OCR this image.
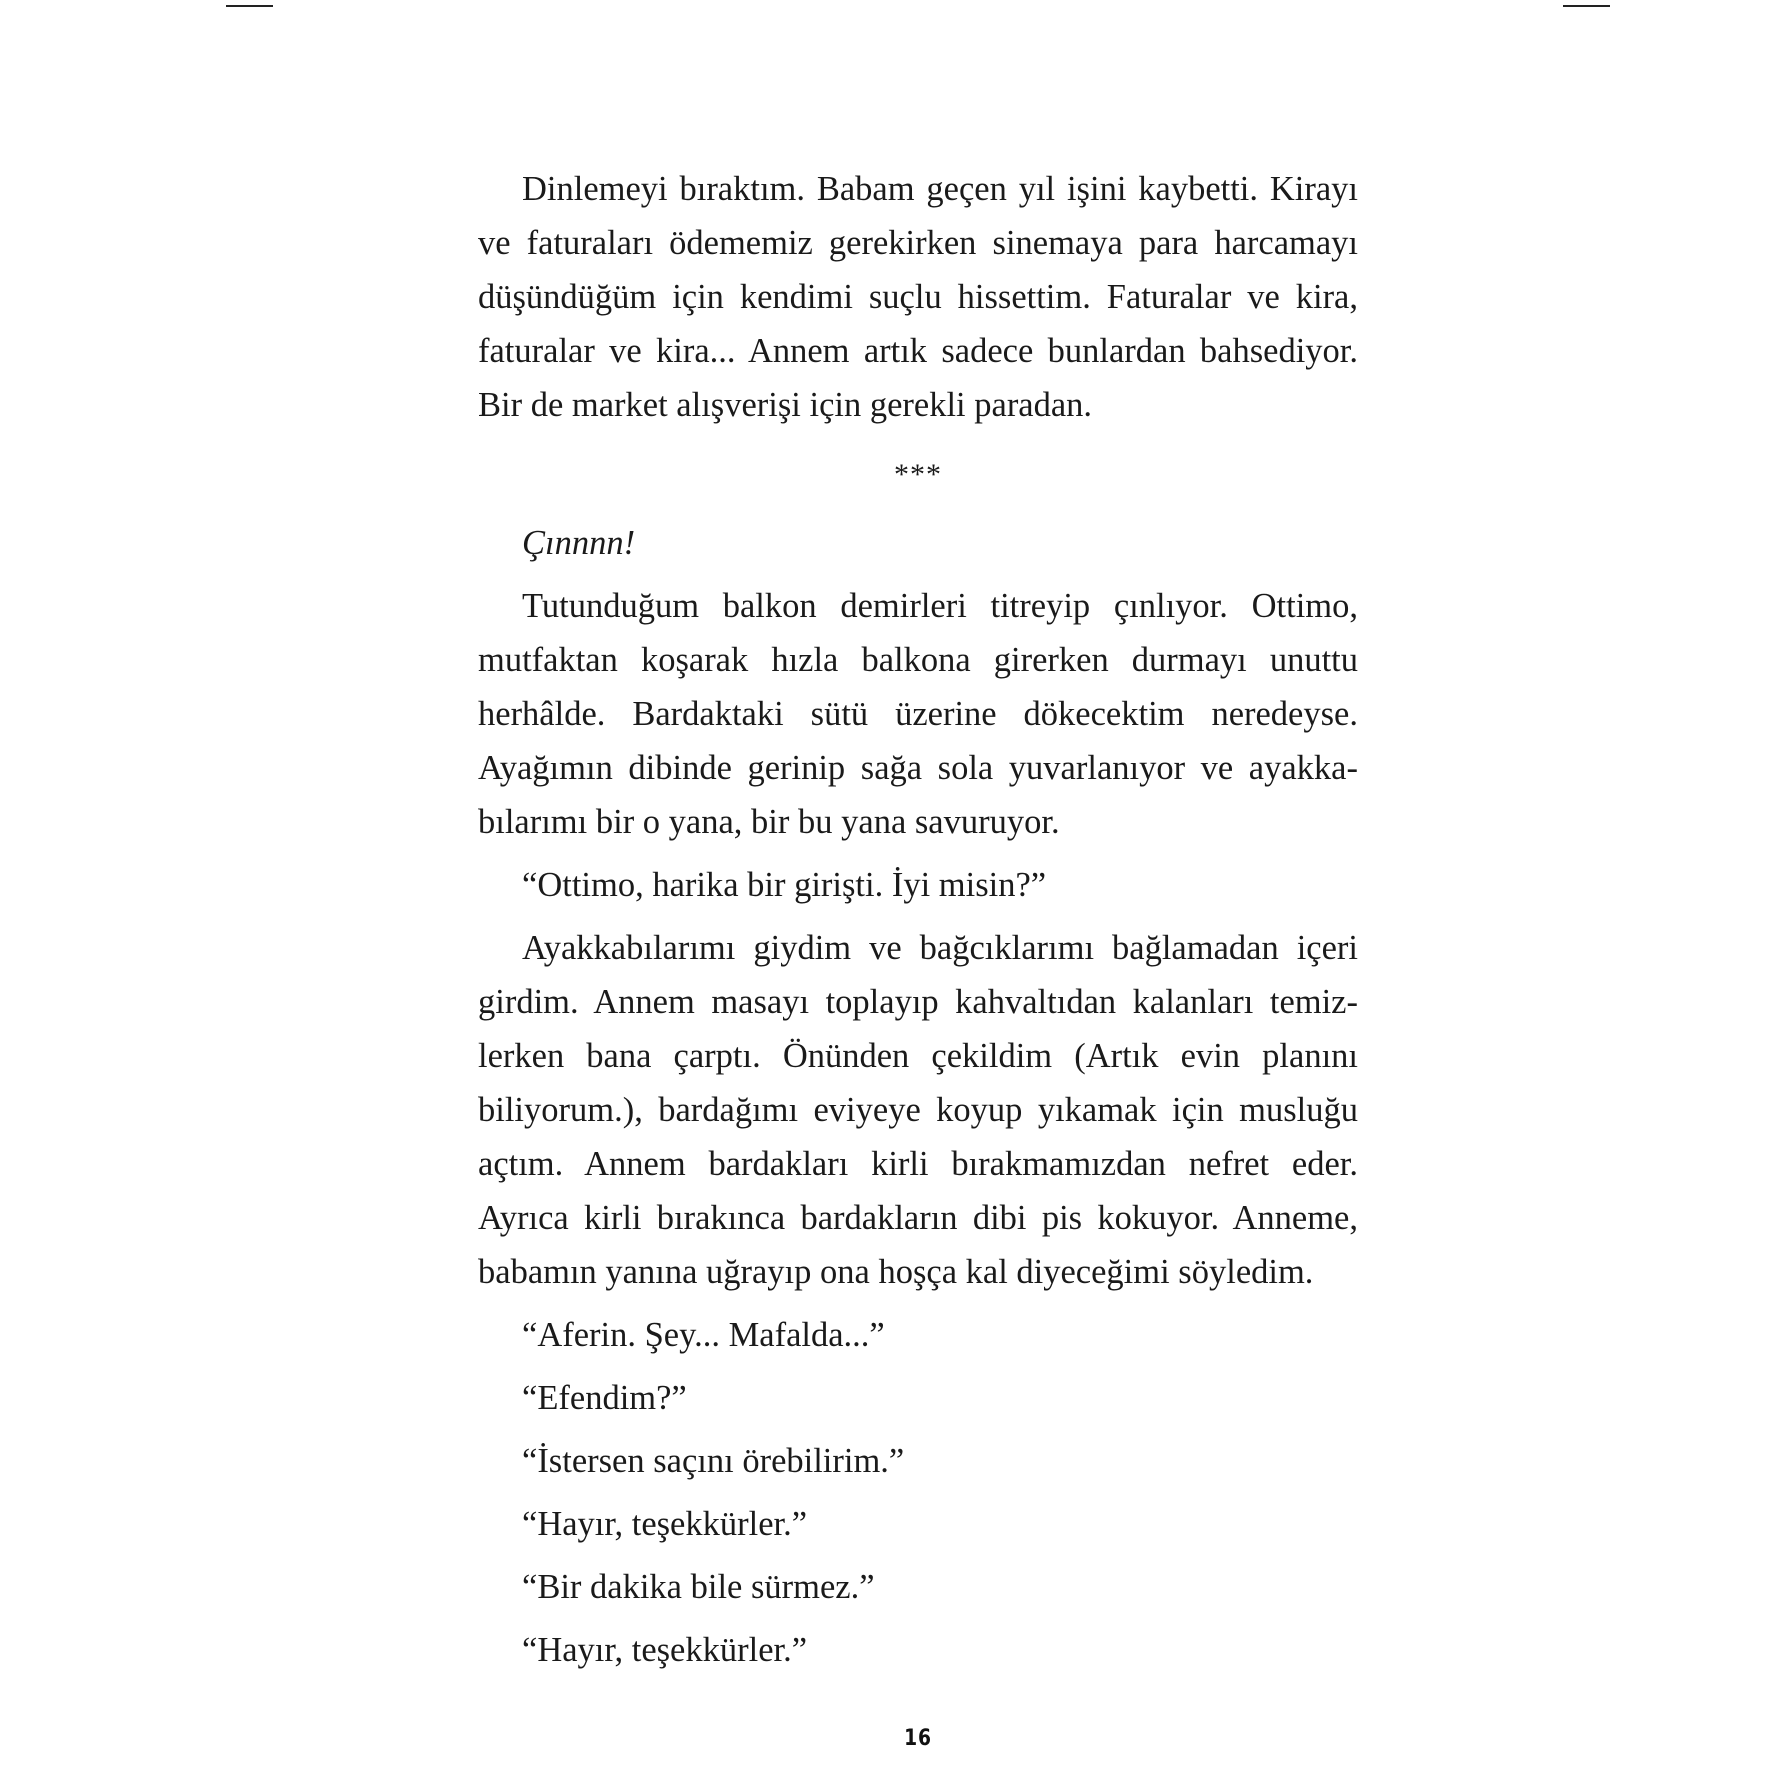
Dinlemeyi bıraktım. Babam geçen yıl işini kaybetti. Kirayı ve faturaları ödememiz gerekirken sinemaya para harcamayı düşündüğüm için kendimi suçlu hissettim. Faturalar ve kira, faturalar ve kira... Annem artık sadece bunlardan bahsediyor. Bir de market alışverişi için gerekli paradan.

***

Çınnnn!

Tutunduğum balkon demirleri titreyip çınlıyor. Ottimo, mutfaktan koşarak hızla balkona girerken durmayı unuttu herhâlde. Bardaktaki sütü üzerine dökecektim neredeyse. Ayağımın dibinde gerinip sağa sola yuvarlanıyor ve ayakkabılarımı bir o yana, bir bu yana savuruyor.

“Ottimo, harika bir girişti. İyi misin?”

Ayakkabılarımı giydim ve bağcıklarımı bağlamadan içeri girdim. Annem masayı toplayıp kahvaltıdan kalanları temizlerken bana çarptı. Önünden çekildim (Artık evin planını biliyorum.), bardağımı eviyeye koyup yıkamak için musluğu açtım. Annem bardakları kirli bırakmamızdan nefret eder. Ayrıca kirli bırakınca bardakların dibi pis kokuyor. Anneme, babamın yanına uğrayıp ona hoşça kal diyeceğimi söyledim.

“Aferin. Şey... Mafalda...”

“Efendim?”

“İstersen saçını örebilirim.”

“Hayır, teşekkürler.”

“Bir dakika bile sürmez.”

“Hayır, teşekkürler.”

16
